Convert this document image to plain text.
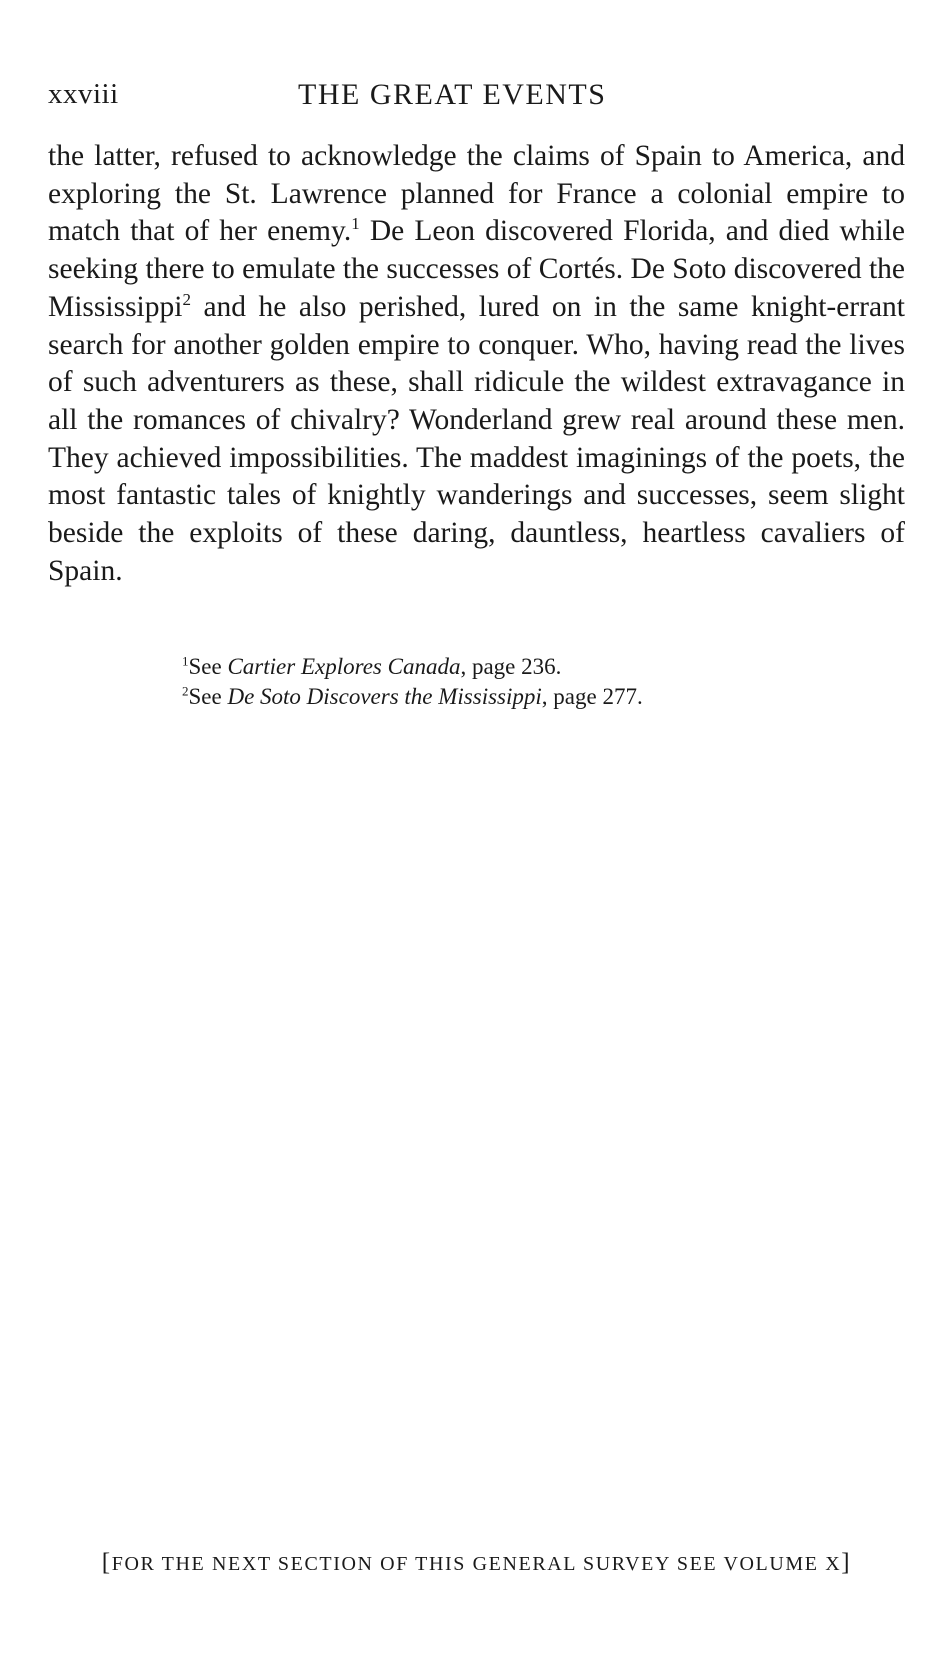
xxviii	THE GREAT EVENTS

the latter, refused to acknowledge the claims of Spain to America, and exploring the St. Lawrence planned for France a colonial empire to match that of her enemy.$^1$ De Leon discovered Florida, and died while seeking there to emulate the successes of Cortés. De Soto discovered the Mississippi$^2$ and he also perished, lured on in the same knight-errant search for another golden empire to conquer. Who, having read the lives of such adventurers as these, shall ridicule the wildest extravagance in all the romances of chivalry? Wonderland grew real around these men. They achieved impossibilities. The maddest imaginings of the poets, the most fantastic tales of knightly wanderings and successes, seem slight beside the exploits of these daring, dauntless, heartless cavaliers of Spain.

$^1$See Cartier Explores Canada, page 236.

$^2$See De Soto Discovers the Mississippi, page 277.

[FOR THE NEXT SECTION OF THIS GENERAL SURVEY SEE VOLUME X]
